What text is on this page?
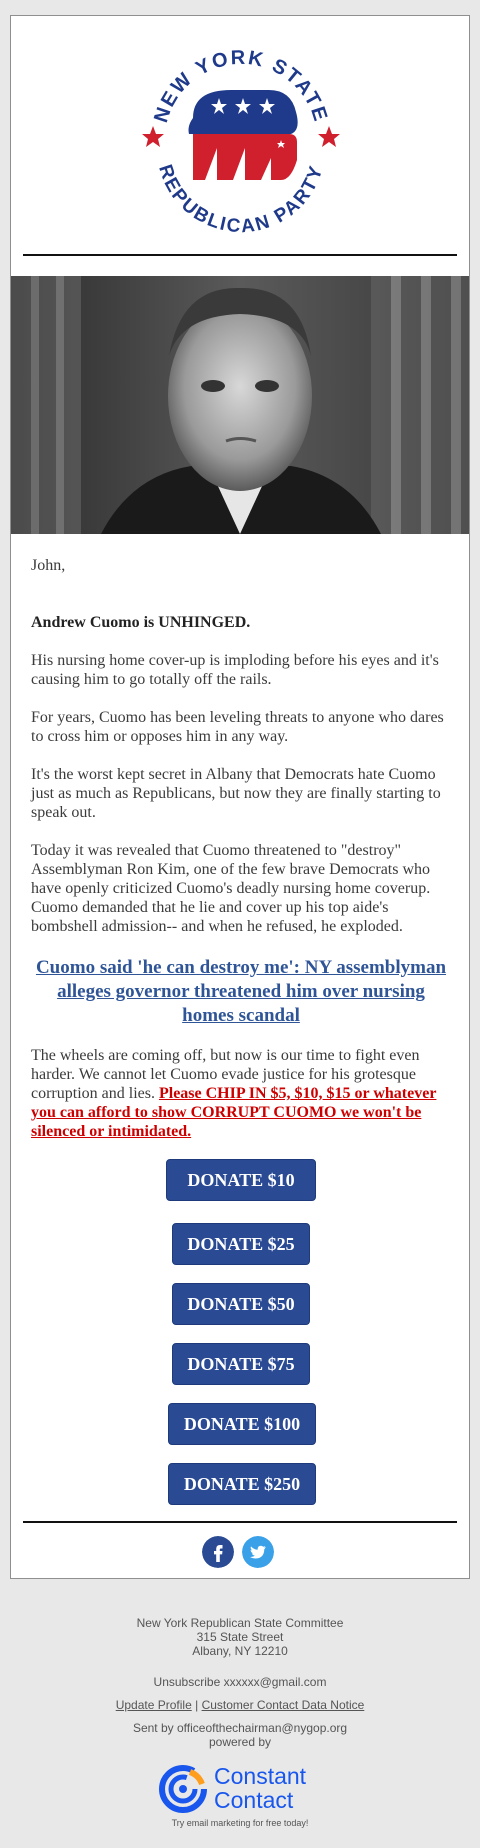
NEW YORK STATE
REPUBLICAN PARTY
John,
Andrew Cuomo is UNHINGED.
His nursing home cover-up is imploding before his eyes and it's causing him to go totally off the rails.
For years, Cuomo has been leveling threats to anyone who dares to cross him or opposes him in any way.
It's the worst kept secret in Albany that Democrats hate Cuomo just as much as Republicans, but now they are finally starting to speak out.
Today it was revealed that Cuomo threatened to "destroy" Assemblyman Ron Kim, one of the few brave Democrats who have openly criticized Cuomo's deadly nursing home coverup. Cuomo demanded that he lie and cover up his top aide's bombshell admission-- and when he refused, he exploded.
Cuomo said 'he can destroy me': NY assemblyman alleges governor threatened him over nursing homes scandal
The wheels are coming off, but now is our time to fight even harder. We cannot let Cuomo evade justice for his grotesque corruption and lies. Please CHIP IN $5, $10, $15 or whatever you can afford to show CORRUPT CUOMO we won't be silenced or intimidated.
DONATE $10
DONATE $25
DONATE $50
DONATE $75
DONATE $100
DONATE $250
New York Republican State Committee
315 State Street
Albany, NY 12210
Unsubscribe xxxxxx@gmail.com
Update Profile | Customer Contact Data Notice
Sent by officeofthechairman@nygop.org
powered by
Constant
Contact
Try email marketing for free today!
